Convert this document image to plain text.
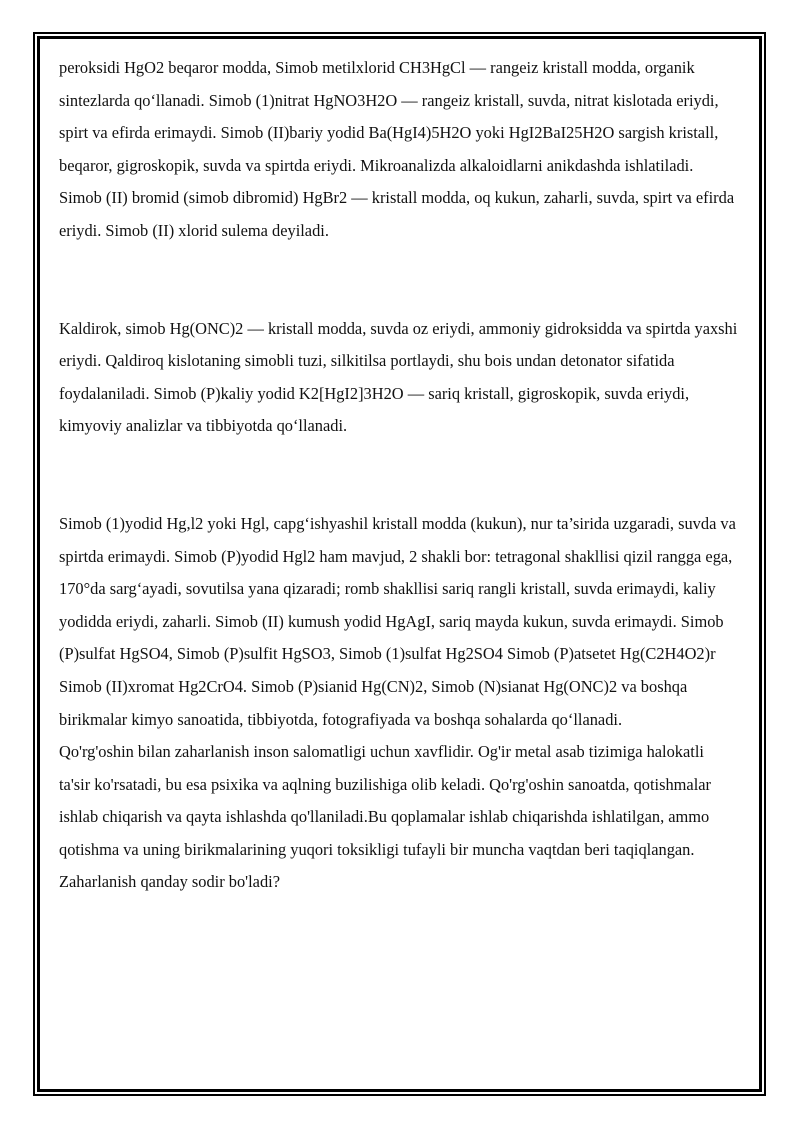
peroksidi HgO2 beqaror modda, Simob metilxlorid CH3HgCl — rangeiz kristall modda, organik sintezlarda qo‘llanadi. Simob (1)nitrat HgNO3H2O — rangeiz kristall, suvda, nitrat kislotada eriydi, spirt va efirda erimaydi. Simob (II)bariy yodid Ba(HgI4)5H2O yoki HgI2BaI25H2O sargish kristall, beqaror, gigroskopik, suvda va spirtda eriydi. Mikroanalizda alkaloidlarni anikdashda ishlatiladi. Simob (II) bromid (simob dibromid) HgBr2 — kristall modda, oq kukun, zaharli, suvda, spirt va efirda eriydi. Simob (II) xlorid sulema deyiladi.

Kaldirok, simob Hg(ONC)2 — kristall modda, suvda oz eriydi, ammoniy gidroksidda va spirtda yaxshi eriydi. Qaldiroq kislotaning simobli tuzi, silkitilsa portlaydi, shu bois undan detonator sifatida foydalaniladi. Simob (P)kaliy yodid K2[HgI2]3H2O — sariq kristall, gigroskopik, suvda eriydi, kimyoviy analizlar va tibbiyotda qo‘llanadi.

Simob (1)yodid Hg,l2 yoki Hgl, capg‘ishyashil kristall modda (kukun), nur ta’sirida uzgaradi, suvda va spirtda erimaydi. Simob (P)yodid Hgl2 ham mavjud, 2 shakli bor: tetragonal shakllisi qizil rangga ega, 170°da sarg‘ayadi, sovutilsa yana qizaradi; romb shakllisi sariq rangli kristall, suvda erimaydi, kaliy yodidda eriydi, zaharli. Simob (II) kumush yodid HgAgI, sariq mayda kukun, suvda erimaydi. Simob (P)sulfat HgSO4, Simob (P)sulfit HgSO3, Simob (1)sulfat Hg2SO4 Simob (P)atsetet Hg(C2H4O2)r Simob (II)xromat Hg2CrO4. Simob (P)sianid Hg(CN)2, Simob (N)sianat Hg(ONC)2 va boshqa birikmalar kimyo sanoatida, tibbiyotda, fotografiyada va boshqa sohalarda qo‘llanadi.

Qo'rg'oshin bilan zaharlanish inson salomatligi uchun xavflidir. Og'ir metal asab tizimiga halokatli ta'sir ko'rsatadi, bu esa psixika va aqlning buzilishiga olib keladi. Qo'rg'oshin sanoatda, qotishmalar ishlab chiqarish va qayta ishlashda qo'llaniladi.Bu qoplamalar ishlab chiqarishda ishlatilgan, ammo qotishma va uning birikmalarining yuqori toksikligi tufayli bir muncha vaqtdan beri taqiqlangan.

Zaharlanish qanday sodir bo'ladi?
